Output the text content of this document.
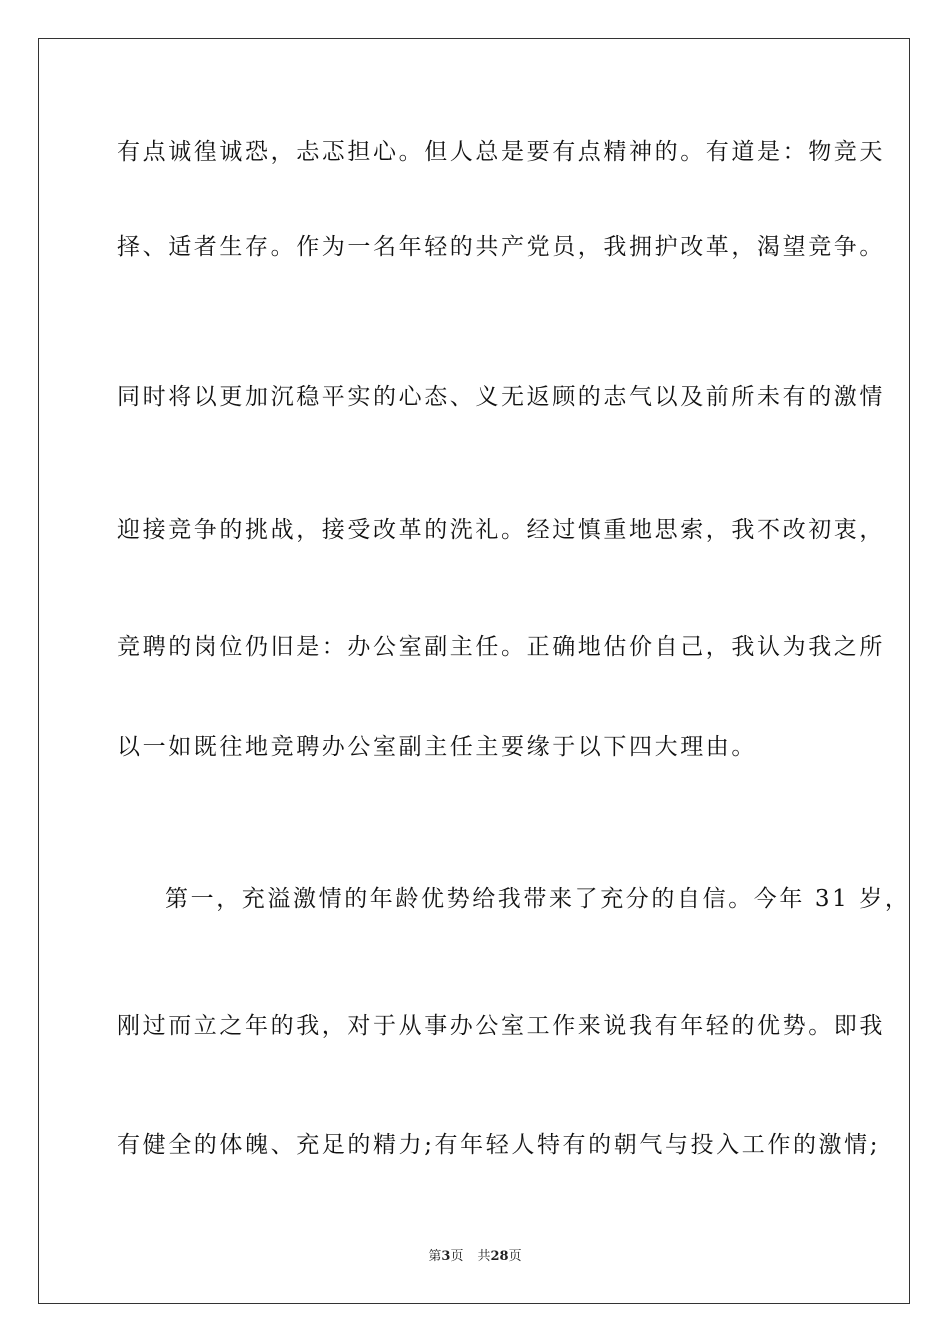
有点诚徨诚恐，忐忑担心。但人总是要有点精神的。有道是：物竞天
择、适者生存。作为一名年轻的共产党员，我拥护改革，渴望竞争。
同时将以更加沉稳平实的心态、义无返顾的志气以及前所未有的激情
迎接竞争的挑战，接受改革的洗礼。经过慎重地思索，我不改初衷，
竞聘的岗位仍旧是：办公室副主任。正确地估价自己，我认为我之所
以一如既往地竞聘办公室副主任主要缘于以下四大理由。
第一，充溢激情的年龄优势给我带来了充分的自信。今年 31 岁，
刚过而立之年的我，对于从事办公室工作来说我有年轻的优势。即我
有健全的体魄、充足的精力;有年轻人特有的朝气与投入工作的激情;
第3页 共28页
